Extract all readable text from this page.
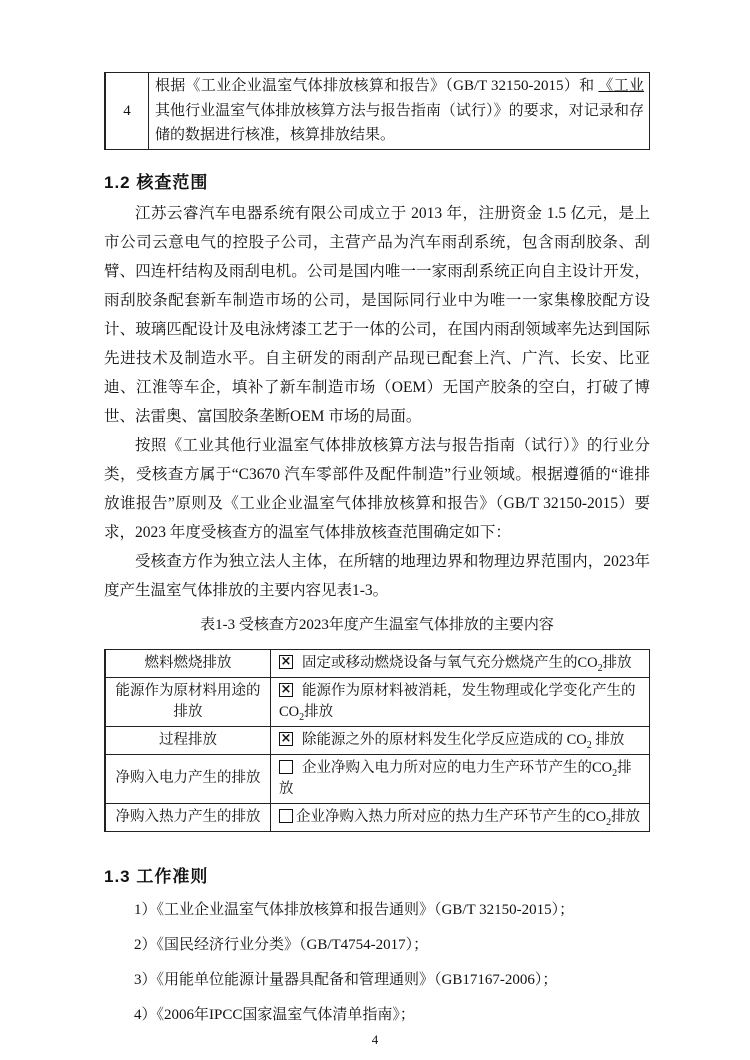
4	根据《工业企业温室气体排放核算和报告》（GB/T 32150-2015）和 《工业其他行业温室气体排放核算方法与报告指南（试行）》的要求，对记录和存储的数据进行核准，核算排放结果。
1.2 核查范围

江苏云睿汽车电器系统有限公司成立于 2013 年，注册资金 1.5 亿元，是上市公司云意电气的控股子公司，主营产品为汽车雨刮系统，包含雨刮胶条、刮臂、四连杆结构及雨刮电机。公司是国内唯一一家雨刮系统正向自主设计开发，雨刮胶条配套新车制造市场的公司，是国际同行业中为唯一一家集橡胶配方设计、玻璃匹配设计及电泳烤漆工艺于一体的公司，在国内雨刮领域率先达到国际先进技术及制造水平。自主研发的雨刮产品现已配套上汽、广汽、长安、比亚迪、江淮等车企，填补了新车制造市场（OEM）无国产胶条的空白，打破了博世、法雷奥、富国胶条垄断OEM 市场的局面。

按照《工业其他行业温室气体排放核算方法与报告指南（试行）》的行业分类，受核查方属于“C3670 汽车零部件及配件制造”行业领域。根据遵循的“谁排放谁报告”原则及《工业企业温室气体排放核算和报告》（GB/T 32150-2015）要求，2023 年度受核查方的温室气体排放核查范围确定如下：

受核查方作为独立法人主体，在所辖的地理边界和物理边界范围内，2023年度产生温室气体排放的主要内容见表1-3。

表1-3 受核查方2023年度产生温室气体排放的主要内容
燃料燃烧排放	×固定或移动燃烧设备与氧气充分燃烧产生的$CO_2$排放
能源作为原材料用途的排放	×能源作为原材料被消耗，发生物理或化学变化产生的$CO_2$排放
过程排放	×除能源之外的原材料发生化学反应造成的 $CO_2$ 排放
净购入电力产生的排放	企业净购入电力所对应的电力生产环节产生的$CO_2$排放
净购入热力产生的排放	企业净购入热力所对应的热力生产环节产生的$CO_2$排放
1.3 工作准则
1）《工业企业温室气体排放核算和报告通则》（GB/T 32150-2015）；
2）《国民经济行业分类》（GB/T4754-2017）；
3）《用能单位能源计量器具配备和管理通则》（GB17167-2006）；
4）《2006年IPCC国家温室气体清单指南》；
4
